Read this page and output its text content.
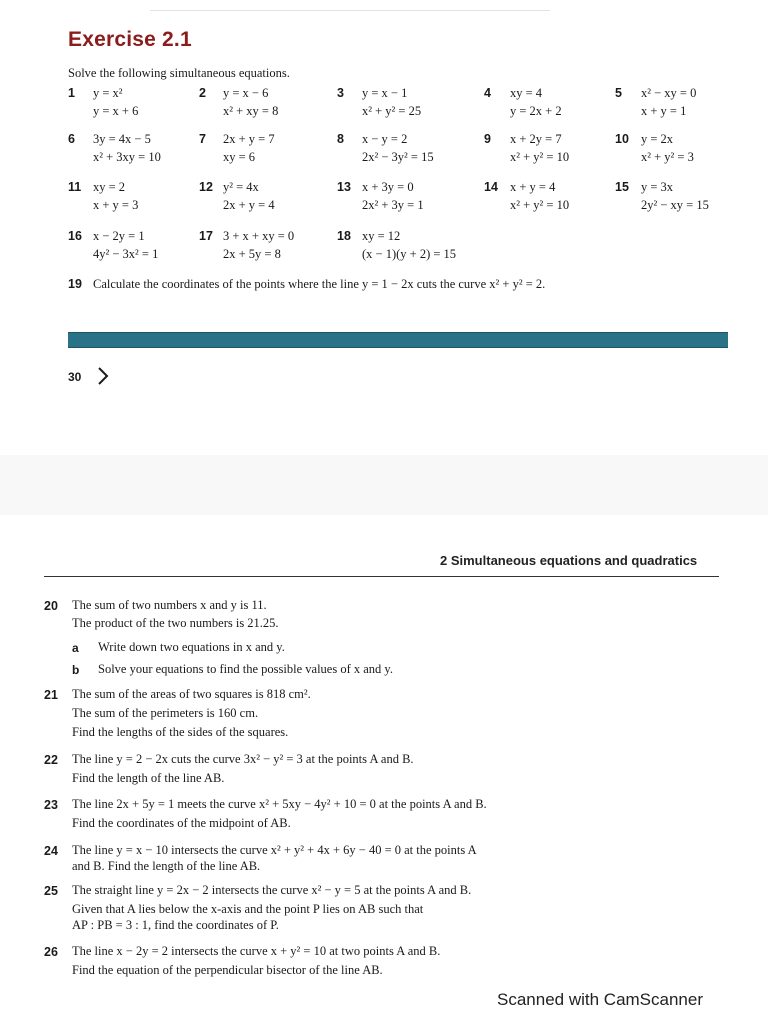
Exercise 2.1
Solve the following simultaneous equations.
1 y = x²
y = x + 6
2 y = x − 6
x² + xy = 8
3 y = x − 1
x² + y² = 25
4 xy = 4
y = 2x + 2
5 x² − xy = 0
x + y = 1
6 3y = 4x − 5
x² + 3xy = 10
7 2x + y = 7
xy = 6
8 x − y = 2
2x² − 3y² = 15
9 x + 2y = 7
x² + y² = 10
10 y = 2x
x² + y² = 3
11 xy = 2
x + y = 3
12 y² = 4x
2x + y = 4
13 x + 3y = 0
2x² + 3y = 1
14 x + y = 4
x² + y² = 10
15 y = 3x
2y² − xy = 15
16 x − 2y = 1
4y² − 3x² = 1
17 3 + x + xy = 0
2x + 5y = 8
18 xy = 12
(x − 1)(y + 2) = 15
19 Calculate the coordinates of the points where the line y = 1 − 2x cuts the curve x² + y² = 2.
30
2 Simultaneous equations and quadratics
20 The sum of two numbers x and y is 11.
The product of the two numbers is 21.25.
a Write down two equations in x and y.
b Solve your equations to find the possible values of x and y.
21 The sum of the areas of two squares is 818 cm².
The sum of the perimeters is 160 cm.
Find the lengths of the sides of the squares.
22 The line y = 2 − 2x cuts the curve 3x² − y² = 3 at the points A and B.
Find the length of the line AB.
23 The line 2x + 5y = 1 meets the curve x² + 5xy − 4y² + 10 = 0 at the points A and B.
Find the coordinates of the midpoint of AB.
24 The line y = x − 10 intersects the curve x² + y² + 4x + 6y − 40 = 0 at the points A
and B. Find the length of the line AB.
25 The straight line y = 2x − 2 intersects the curve x² − y = 5 at the points A and B.
Given that A lies below the x-axis and the point P lies on AB such that
AP : PB = 3 : 1, find the coordinates of P.
26 The line x − 2y = 2 intersects the curve x + y² = 10 at two points A and B.
Find the equation of the perpendicular bisector of the line AB.
Scanned with CamScanner
